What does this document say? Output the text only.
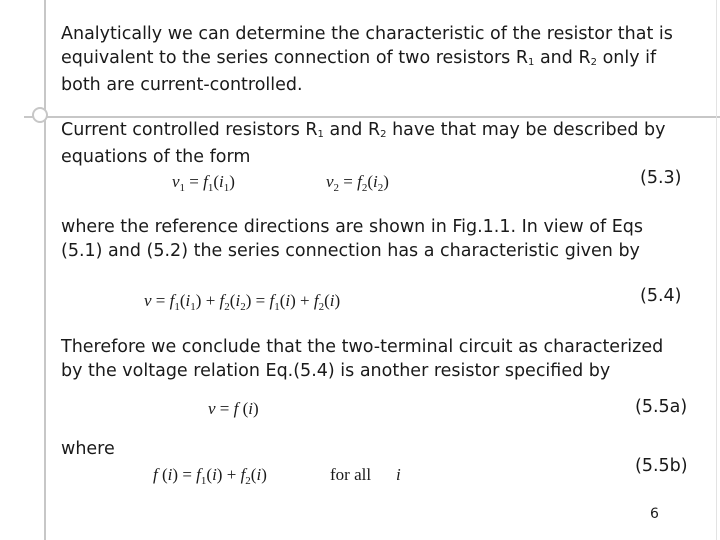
Analytically we can determine the characteristic of the resistor that is

equivalent to the series connection of two resistors $R_1$ and $R_2$ only if

both are current-controlled.

Current controlled resistors $R_1$ and $R_2$ have that may be described by

equations of the form

$v_1 = f_1(i_1)$	$v_2 = f_2(i_2)$	(5.3)

where the reference directions are shown in Fig.1.1. In view of Eqs

(5.1) and (5.2) the series connection has a characteristic given by

$v = f_1(i_1) + f_2(i_2) = f_1(i) + f_2(i)$	(5.4)

Therefore we conclude that the two-terminal circuit as characterized

by the voltage relation Eq.(5.4) is another resistor specified by

v = f (i)	(5.5a)
where
f $(i) = f_1(i) + f_2(i)$	for all i	(5.5b)
6
